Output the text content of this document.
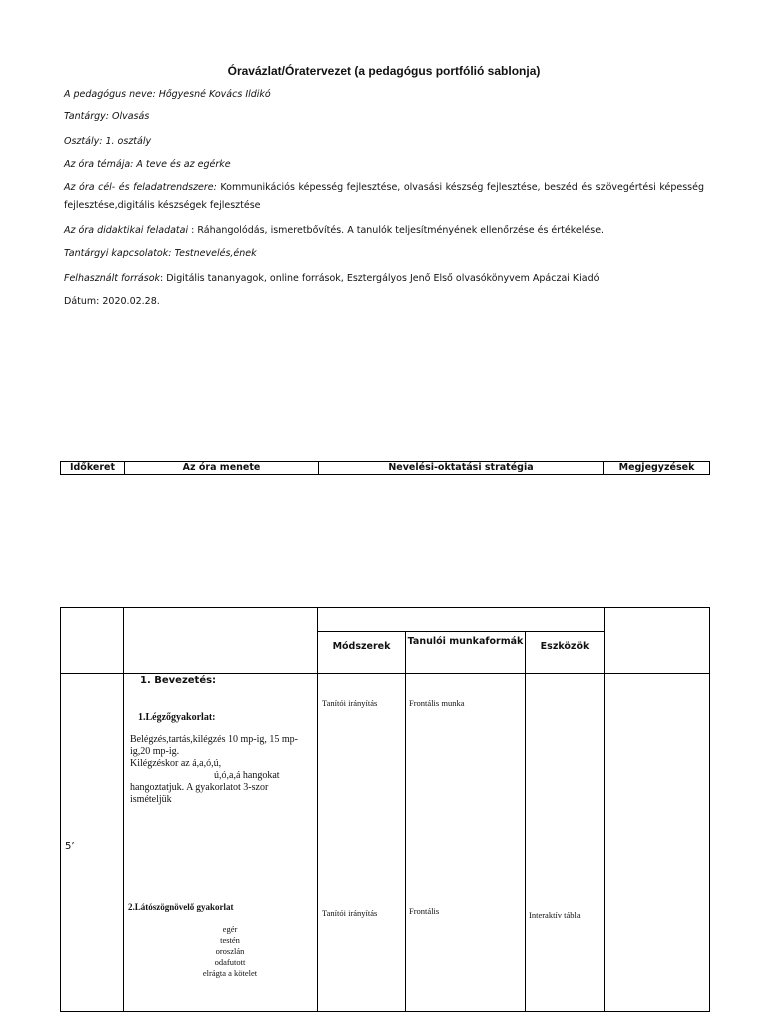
Óravázlat/Óratervezet (a pedagógus portfólió sablonja)
A pedagógus neve: Hőgyesné Kovács Ildikó
Tantárgy: Olvasás
Osztály: 1. osztály
Az óra témája: A teve és az egérke
Az óra cél- és feladatrendszere: Kommunikációs képesség fejlesztése, olvasási készség fejlesztése, beszéd és szövegértési képesség fejlesztése,digitális készségek fejlesztése
Az óra didaktikai feladatai : Ráhangolódás, ismeretbővítés. A tanulók teljesítményének ellenőrzése és értékelése.
Tantárgyi kapcsolatok: Testnevelés,ének
Felhasznált források: Digitális tananyagok, online források, Esztergályos Jenő Első olvasókönyvem Apáczai Kiadó
Dátum: 2020.02.28.
Időkeret	Az óra menete	Nevelési-oktatási stratégia	Megjegyzések
Módszerek	Tanulói munkaformák	Eszközök
5’
1. Bevezetés:
1.Légzőgyakorlat:
Belégzés,tartás,kilégzés 10 mp-ig, 15 mp-ig,20 mp-ig.
Kilégzéskor az á,a,ó,ú,
ú,ó,a,á hangokat
hangoztatjuk. A gyakorlatot 3-szor ismételjük
Tanítói irányítás	Frontális munka
2.Látószögnövelő gyakorlat
egér
testén
oroszlán
odafutott
elrágta a kötelet
Tanítói irányítás	Frontális	Interaktív tábla
